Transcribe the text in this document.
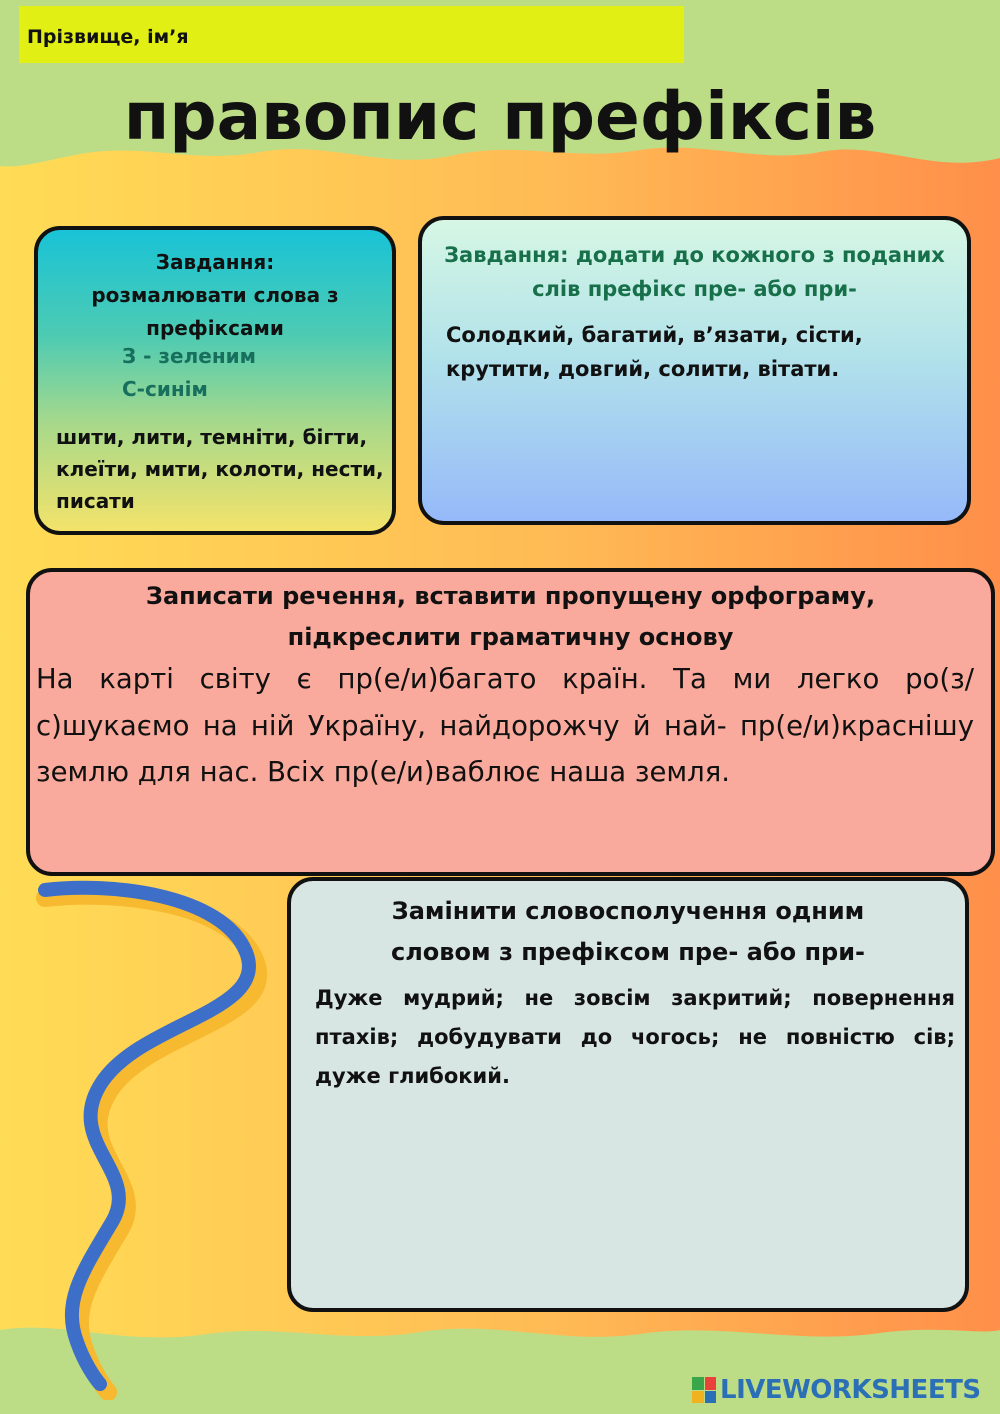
Прізвище, ім’я
правопис префіксів
Завдання: розмалювати слова з префіксами
З - зеленим
С-синім
шити, лити, темніти, бігти, клеїти, мити, колоти, нести, писати
Завдання: додати до кожного з поданих слів префікс пре- або при-
Солодкий, багатий, в’язати, сісти, крутити, довгий, солити, вітати.
Записати речення, вставити пропущену орфограму, підкреслити граматичну основу
На карті світу є пр(е/и)багато країн. Та ми легко ро(з/с)шукаємо на ній Україну, найдорожчу й най- пр(е/и)краснішу землю для нас. Всіх пр(е/и)ваблює наша земля.
Замінити словосполучення одним словом з префіксом пре- або при-
Дуже мудрий; не зовсім закритий; повернення птахів; добудувати до чогось; не повністю сів; дуже глибокий.
LIVEWORKSHEETS
